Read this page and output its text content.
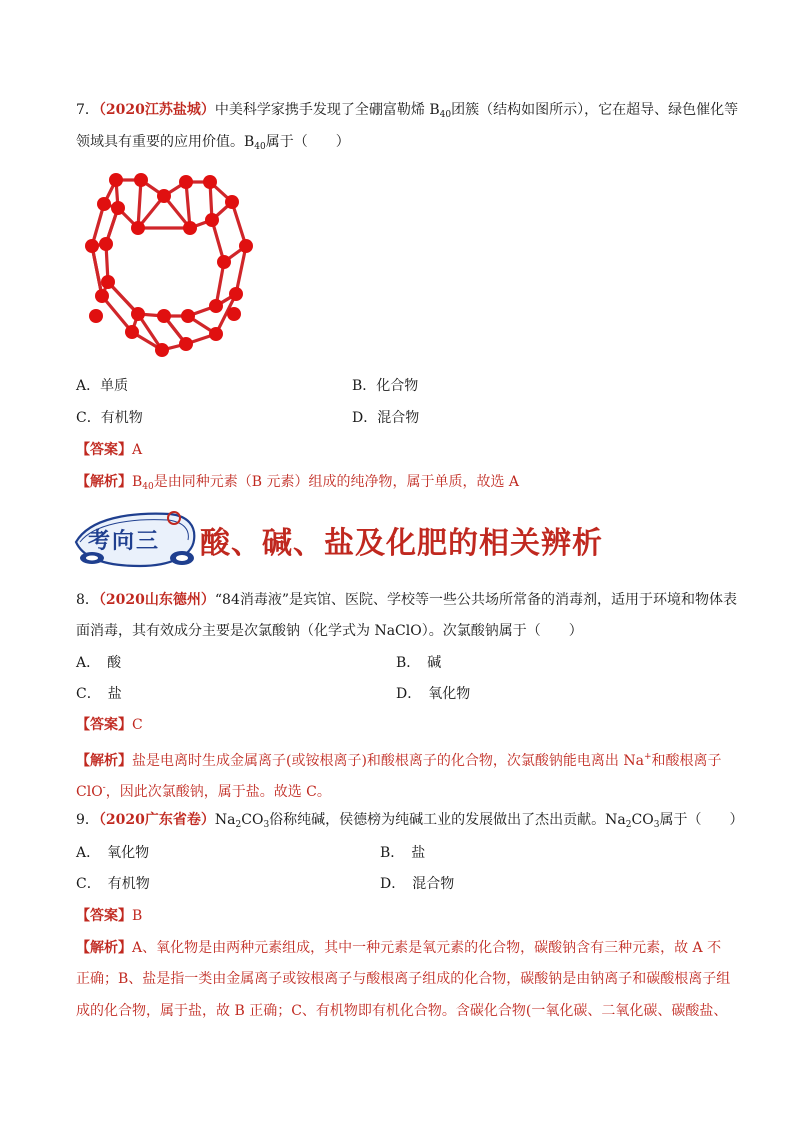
7．（2020江苏盐城）中美科学家携手发现了全硼富勒烯 $B_{40}$团簇（结构如图所示），它在超导、绿色催化等
领域具有重要的应用价值。$B_{40}$属于（　　）
A．单质	B．化合物
C．有机物	D．混合物
【答案】A
【解析】$B_{40}$是由同种元素（B 元素）组成的纯净物，属于单质，故选 A
考向三 酸、碱、盐及化肥的相关辨析
8．（2020山东德州）“84消毒液”是宾馆、医院、学校等一些公共场所常备的消毒剂，适用于环境和物体表
面消毒，其有效成分主要是次氯酸钠（化学式为 NaClO）。次氯酸钠属于（　　）
A．　酸	B．　碱
C．　盐	D．　氧化物
【答案】C
【解析】盐是电离时生成金属离子(或铵根离子)和酸根离子的化合物，次氯酸钠能电离出 Na+和酸根离子
ClO-，因此次氯酸钠，属于盐。故选 C。
9．（2020广东省卷）$Na_2CO_3$俗称纯碱，侯德榜为纯碱工业的发展做出了杰出贡献。$Na_2CO_3$属于（　　）
A．　氧化物	B．　盐
C．　有机物	D．　混合物
【答案】B
【解析】A、氧化物是由两种元素组成，其中一种元素是氧元素的化合物，碳酸钠含有三种元素，故 A 不
正确；B、盐是指一类由金属离子或铵根离子与酸根离子组成的化合物，碳酸钠是由钠离子和碳酸根离子组
成的化合物，属于盐，故 B 正确；C、有机物即有机化合物。含碳化合物(一氧化碳、二氧化碳、碳酸盐、
